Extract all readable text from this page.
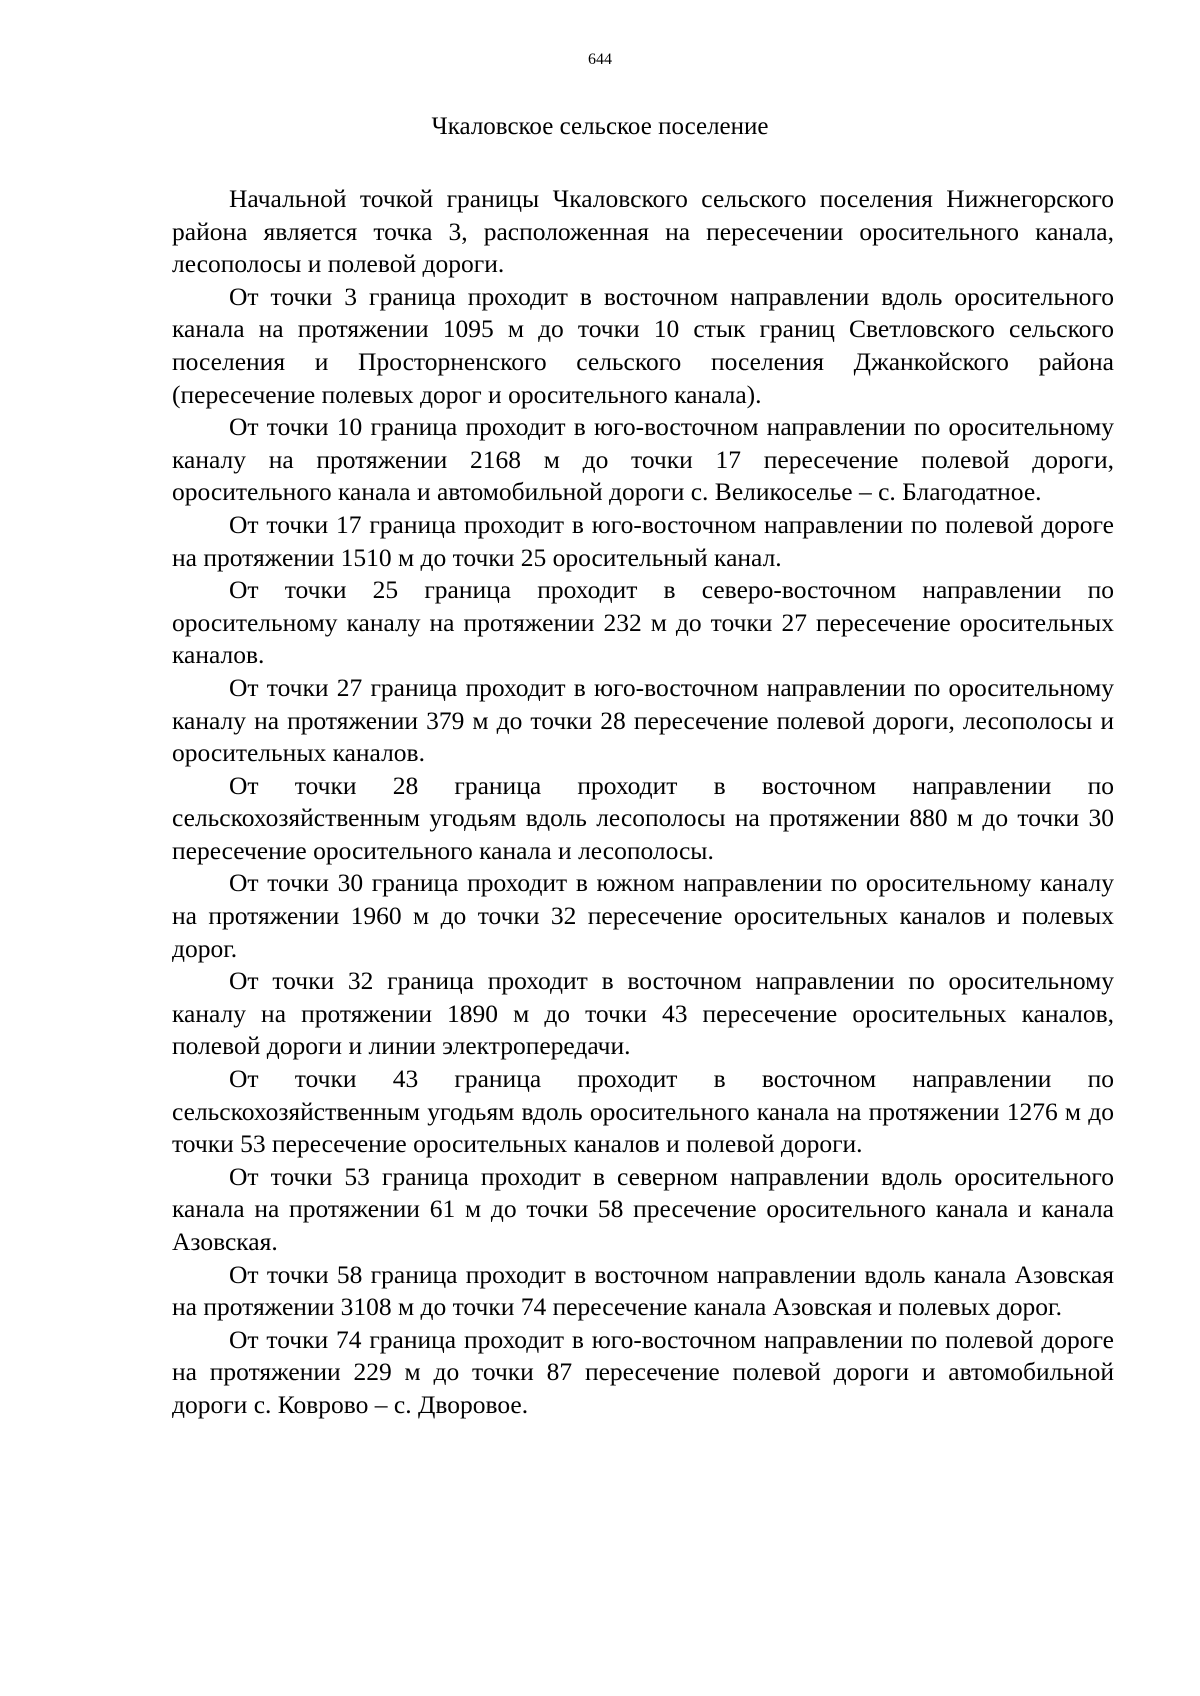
644
Чкаловское сельское поселение

Начальной точкой границы Чкаловского сельского поселения Нижнегорского района является точка 3, расположенная на пересечении оросительного канала, лесополосы и полевой дороги.

От точки 3 граница проходит в восточном направлении вдоль оросительного канала на протяжении 1095 м до точки 10 стык границ Светловского сельского поселения и Просторненского сельского поселения Джанкойского района (пересечение полевых дорог и оросительного канала).

От точки 10 граница проходит в юго-восточном направлении по оросительному каналу на протяжении 2168 м до точки 17 пересечение полевой дороги, оросительного канала и автомобильной дороги с. Великоселье – с. Благодатное.

От точки 17 граница проходит в юго-восточном направлении по полевой дороге на протяжении 1510 м до точки 25 оросительный канал.

От точки 25 граница проходит в северо-восточном направлении по оросительному каналу на протяжении 232 м до точки 27 пересечение оросительных каналов.

От точки 27 граница проходит в юго-восточном направлении по оросительному каналу на протяжении 379 м до точки 28 пересечение полевой дороги, лесополосы и оросительных каналов.

От точки 28 граница проходит в восточном направлении по сельскохозяйственным угодьям вдоль лесополосы на протяжении 880 м до точки 30 пересечение оросительного канала и лесополосы.

От точки 30 граница проходит в южном направлении по оросительному каналу на протяжении 1960 м до точки 32 пересечение оросительных каналов и полевых дорог.

От точки 32 граница проходит в восточном направлении по оросительному каналу на протяжении 1890 м до точки 43 пересечение оросительных каналов, полевой дороги и линии электропередачи.

От точки 43 граница проходит в восточном направлении по сельскохозяйственным угодьям вдоль оросительного канала на протяжении 1276 м до точки 53 пересечение оросительных каналов и полевой дороги.

От точки 53 граница проходит в северном направлении вдоль оросительного канала на протяжении 61 м до точки 58 пресечение оросительного канала и канала Азовская.

От точки 58 граница проходит в восточном направлении вдоль канала Азовская на протяжении 3108 м до точки 74 пересечение канала Азовская и полевых дорог.

От точки 74 граница проходит в юго-восточном направлении по полевой дороге на протяжении 229 м до точки 87 пересечение полевой дороги и автомобильной дороги с. Коврово – с. Дворовое.
